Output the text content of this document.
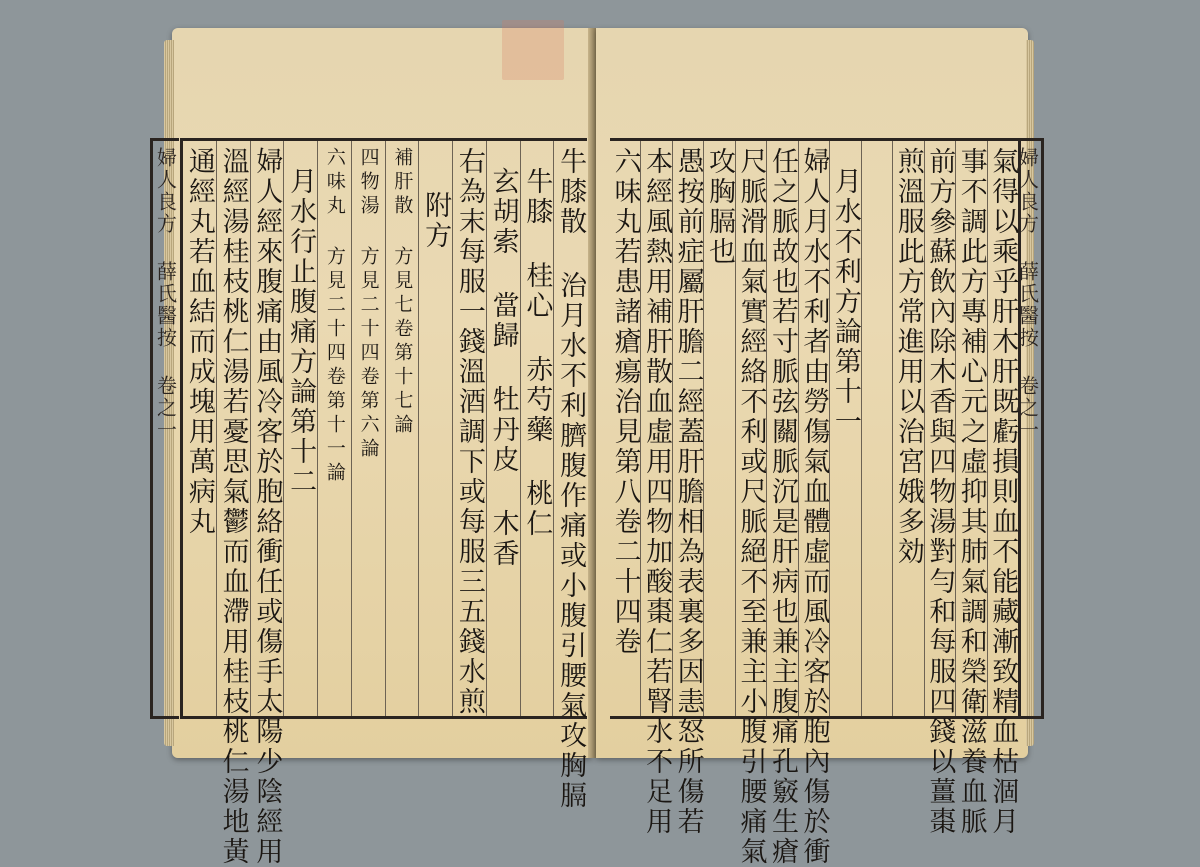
婦人良方 薛氏醫按 卷之一	牛膝散 治月水不利臍腹作痛或小腹引腰氣攻胸膈
牛膝 桂心 赤芍藥 桃仁
玄胡索 當歸 牡丹皮 木香
右為末每服一錢溫酒調下或每服三五錢水煎
附方
補肝散 方見七卷第十七論
四物湯 方見二十四卷第六論
六味丸 方見二十四卷第十一論
月水行止腹痛方論第十二
婦人經來腹痛由風冷客於胞絡衝任或傷手太陽少陰經用
溫經湯桂枝桃仁湯若憂思氣鬱而血滯用桂枝桃仁湯地黃
通經丸若血結而成塊用萬病丸	婦人良方 薛氏醫按 卷之一
氣得以乘乎肝木肝既虧損則血不能藏漸致精血枯涸月
事不調此方專補心元之虛抑其肺氣調和榮衛滋養血脈
前方參蘇飲內除木香與四物湯對勻和每服四錢以薑棗
煎溫服此方常進用以治宮娥多効
月水不利方論第十一
婦人月水不利者由勞傷氣血體虛而風冷客於胞內傷於衝
任之脈故也若寸脈弦關脈沉是肝病也兼主腹痛孔竅生瘡
尺脈滑血氣實經絡不利或尺脈絕不至兼主小腹引腰痛氣
攻胸膈也
愚按前症屬肝膽二經蓋肝膽相為表裏多因恚怒所傷若
本經風熱用補肝散血虛用四物加酸棗仁若腎水不足用
六味丸若患諸瘡瘍治見第八卷二十四卷
